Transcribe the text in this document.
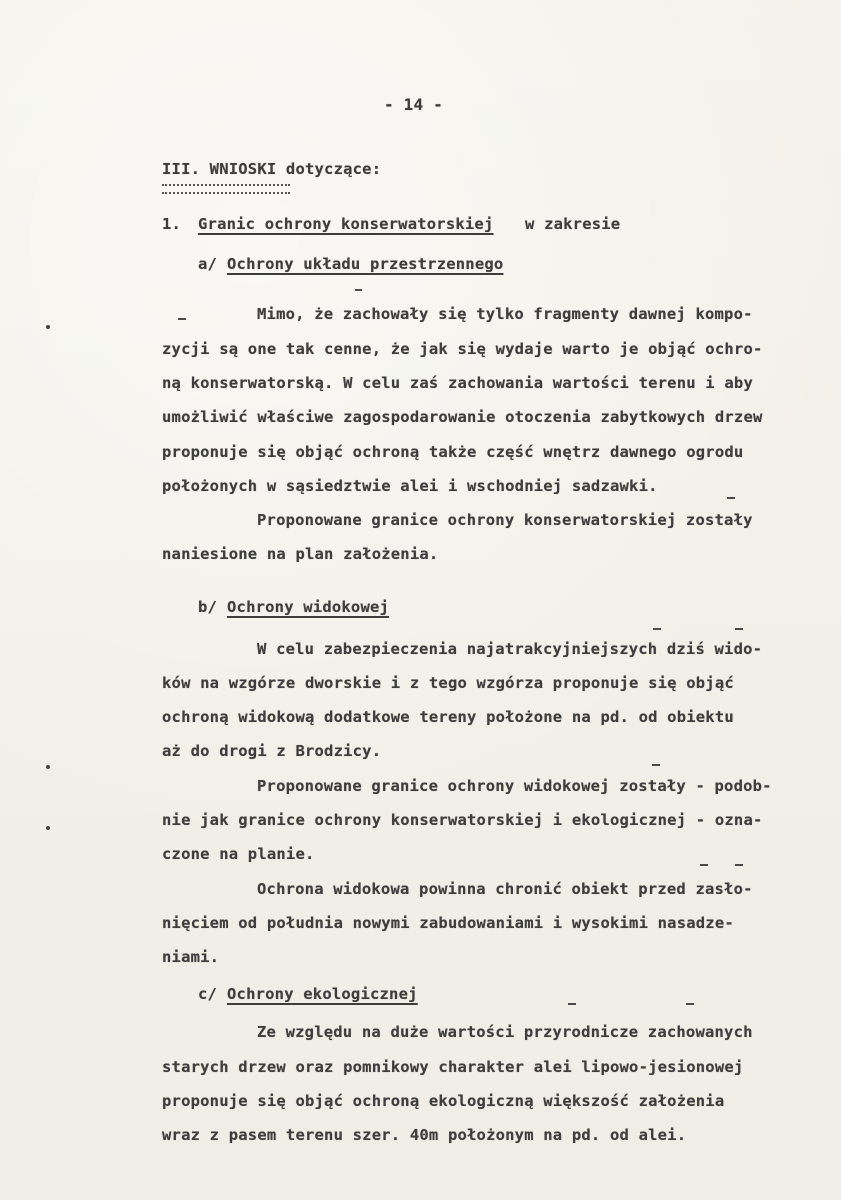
- 14 -
III. WNIOSKI dotyczące:
1. Granic ochrony konserwatorskiej w zakresie
a/ Ochrony układu przestrzennego
Mimo, że zachowały się tylko fragmenty dawnej kompo-
zycji są one tak cenne, że jak się wydaje warto je objąć ochro-
ną konserwatorską. W celu zaś zachowania wartości terenu i aby
umożliwić właściwe zagospodarowanie otoczenia zabytkowych drzew
proponuje się objąć ochroną także część wnętrz dawnego ogrodu
położonych w sąsiedztwie alei i wschodniej sadzawki.
Proponowane granice ochrony konserwatorskiej zostały
naniesione na plan założenia.
b/ Ochrony widokowej
W celu zabezpieczenia najatrakcyjniejszych dziś wido-
ków na wzgórze dworskie i z tego wzgórza proponuje się objąć
ochroną widokową dodatkowe tereny położone na pd. od obiektu
aż do drogi z Brodzicy.
Proponowane granice ochrony widokowej zostały - podob-
nie jak granice ochrony konserwatorskiej i ekologicznej - ozna-
czone na planie.
Ochrona widokowa powinna chronić obiekt przed zasło-
nięciem od południa nowymi zabudowaniami i wysokimi nasadze-
niami.
c/ Ochrony ekologicznej
Ze względu na duże wartości przyrodnicze zachowanych
starych drzew oraz pomnikowy charakter alei lipowo-jesionowej
proponuje się objąć ochroną ekologiczną większość założenia
wraz z pasem terenu szer. 40m położonym na pd. od alei.
